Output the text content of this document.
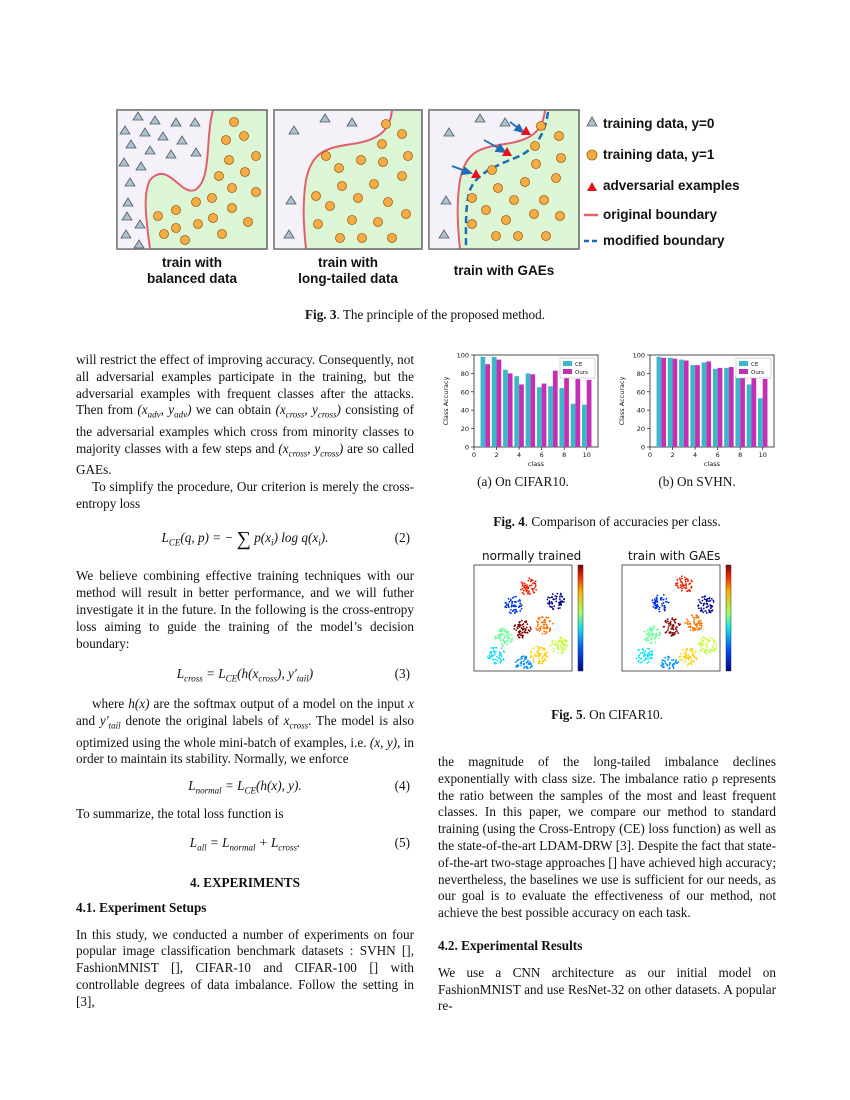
training data, y=0
training data, y=1
adversarial examples
original boundary
modified boundary
train with
balanced data
train with
long-tailed data
train with GAEs
Fig. 3. The principle of the proposed method.

will restrict the effect of improving accuracy. Consequently, not all adversarial examples participate in the training, but the adversarial examples with frequent classes after the attacks. Then from ($x_{adv}$, $y_{adv}$) we can obtain ($x_{cross}$, $y_{cross}$) consisting of the adversarial examples which cross from minority classes to majority classes with a few steps and ($x_{cross}$, $y_{cross}$) are so called GAEs.

To simplify the procedure, Our criterion is merely the cross-entropy loss

$L_{CE}(q$, p) = − ∑ $p(x_i)$ $\log q(x_i)$.	(2)

We believe combining effective training techniques with our method will result in better performance, and we will futher investigate it in the future. In the following is the cross-entropy loss aiming to guide the training of the model’s decision boundary:

$L_{cross} = L_{CE}(h(x_{cross})$, $y'_{tail}$)	(3)

where h(x) are the softmax output of a model on the input x and $y'_{tail}$ denote the original labels of $x_{cross}$. The model is also optimized using the whole mini-batch of examples, i.e. (x, y), in order to maintain its stability. Normally, we enforce

$L_{normal} = L_{CE}(h(x)$, y).	(4)

To summarize, the total loss function is

$L_{all} = L_{normal} + L_{cross}$.	(5)
4. EXPERIMENTS
4.1. Experiment Setups

In this study, we conducted a number of experiments on four popular image classification benchmark datasets : SVHN [], FashionMNIST [], CIFAR-10 and CIFAR-100 [] with controllable degrees of data imbalance. Follow the setting in [3],

0
20
40
60
80
100
0	2	4	6	8	10
class
Class Accuracy
CE
Ours
0
20
40
60
80
100
0	2	4	6	8	10
class
Class Accuracy
CE
Ours
(a) On CIFAR10.	(b) On SVHN.
Fig. 4. Comparison of accuracies per class.
normally trained	train with GAEs
Fig. 5. On CIFAR10.

the magnitude of the long-tailed imbalance declines exponentially with class size. The imbalance ratio ρ represents the ratio between the samples of the most and least frequent classes. In this paper, we compare our method to standard training (using the Cross-Entropy (CE) loss function) as well as the state-of-the-art LDAM-DRW [3]. Despite the fact that state-of-the-art two-stage approaches [] have achieved high accuracy; nevertheless, the baselines we use is sufficient for our needs, as our goal is to evaluate the effectiveness of our method, not achieve the best possible accuracy on each task.

4.2. Experimental Results

We use a CNN architecture as our initial model on FashionMNIST and use ResNet-32 on other datasets. A popular re-
